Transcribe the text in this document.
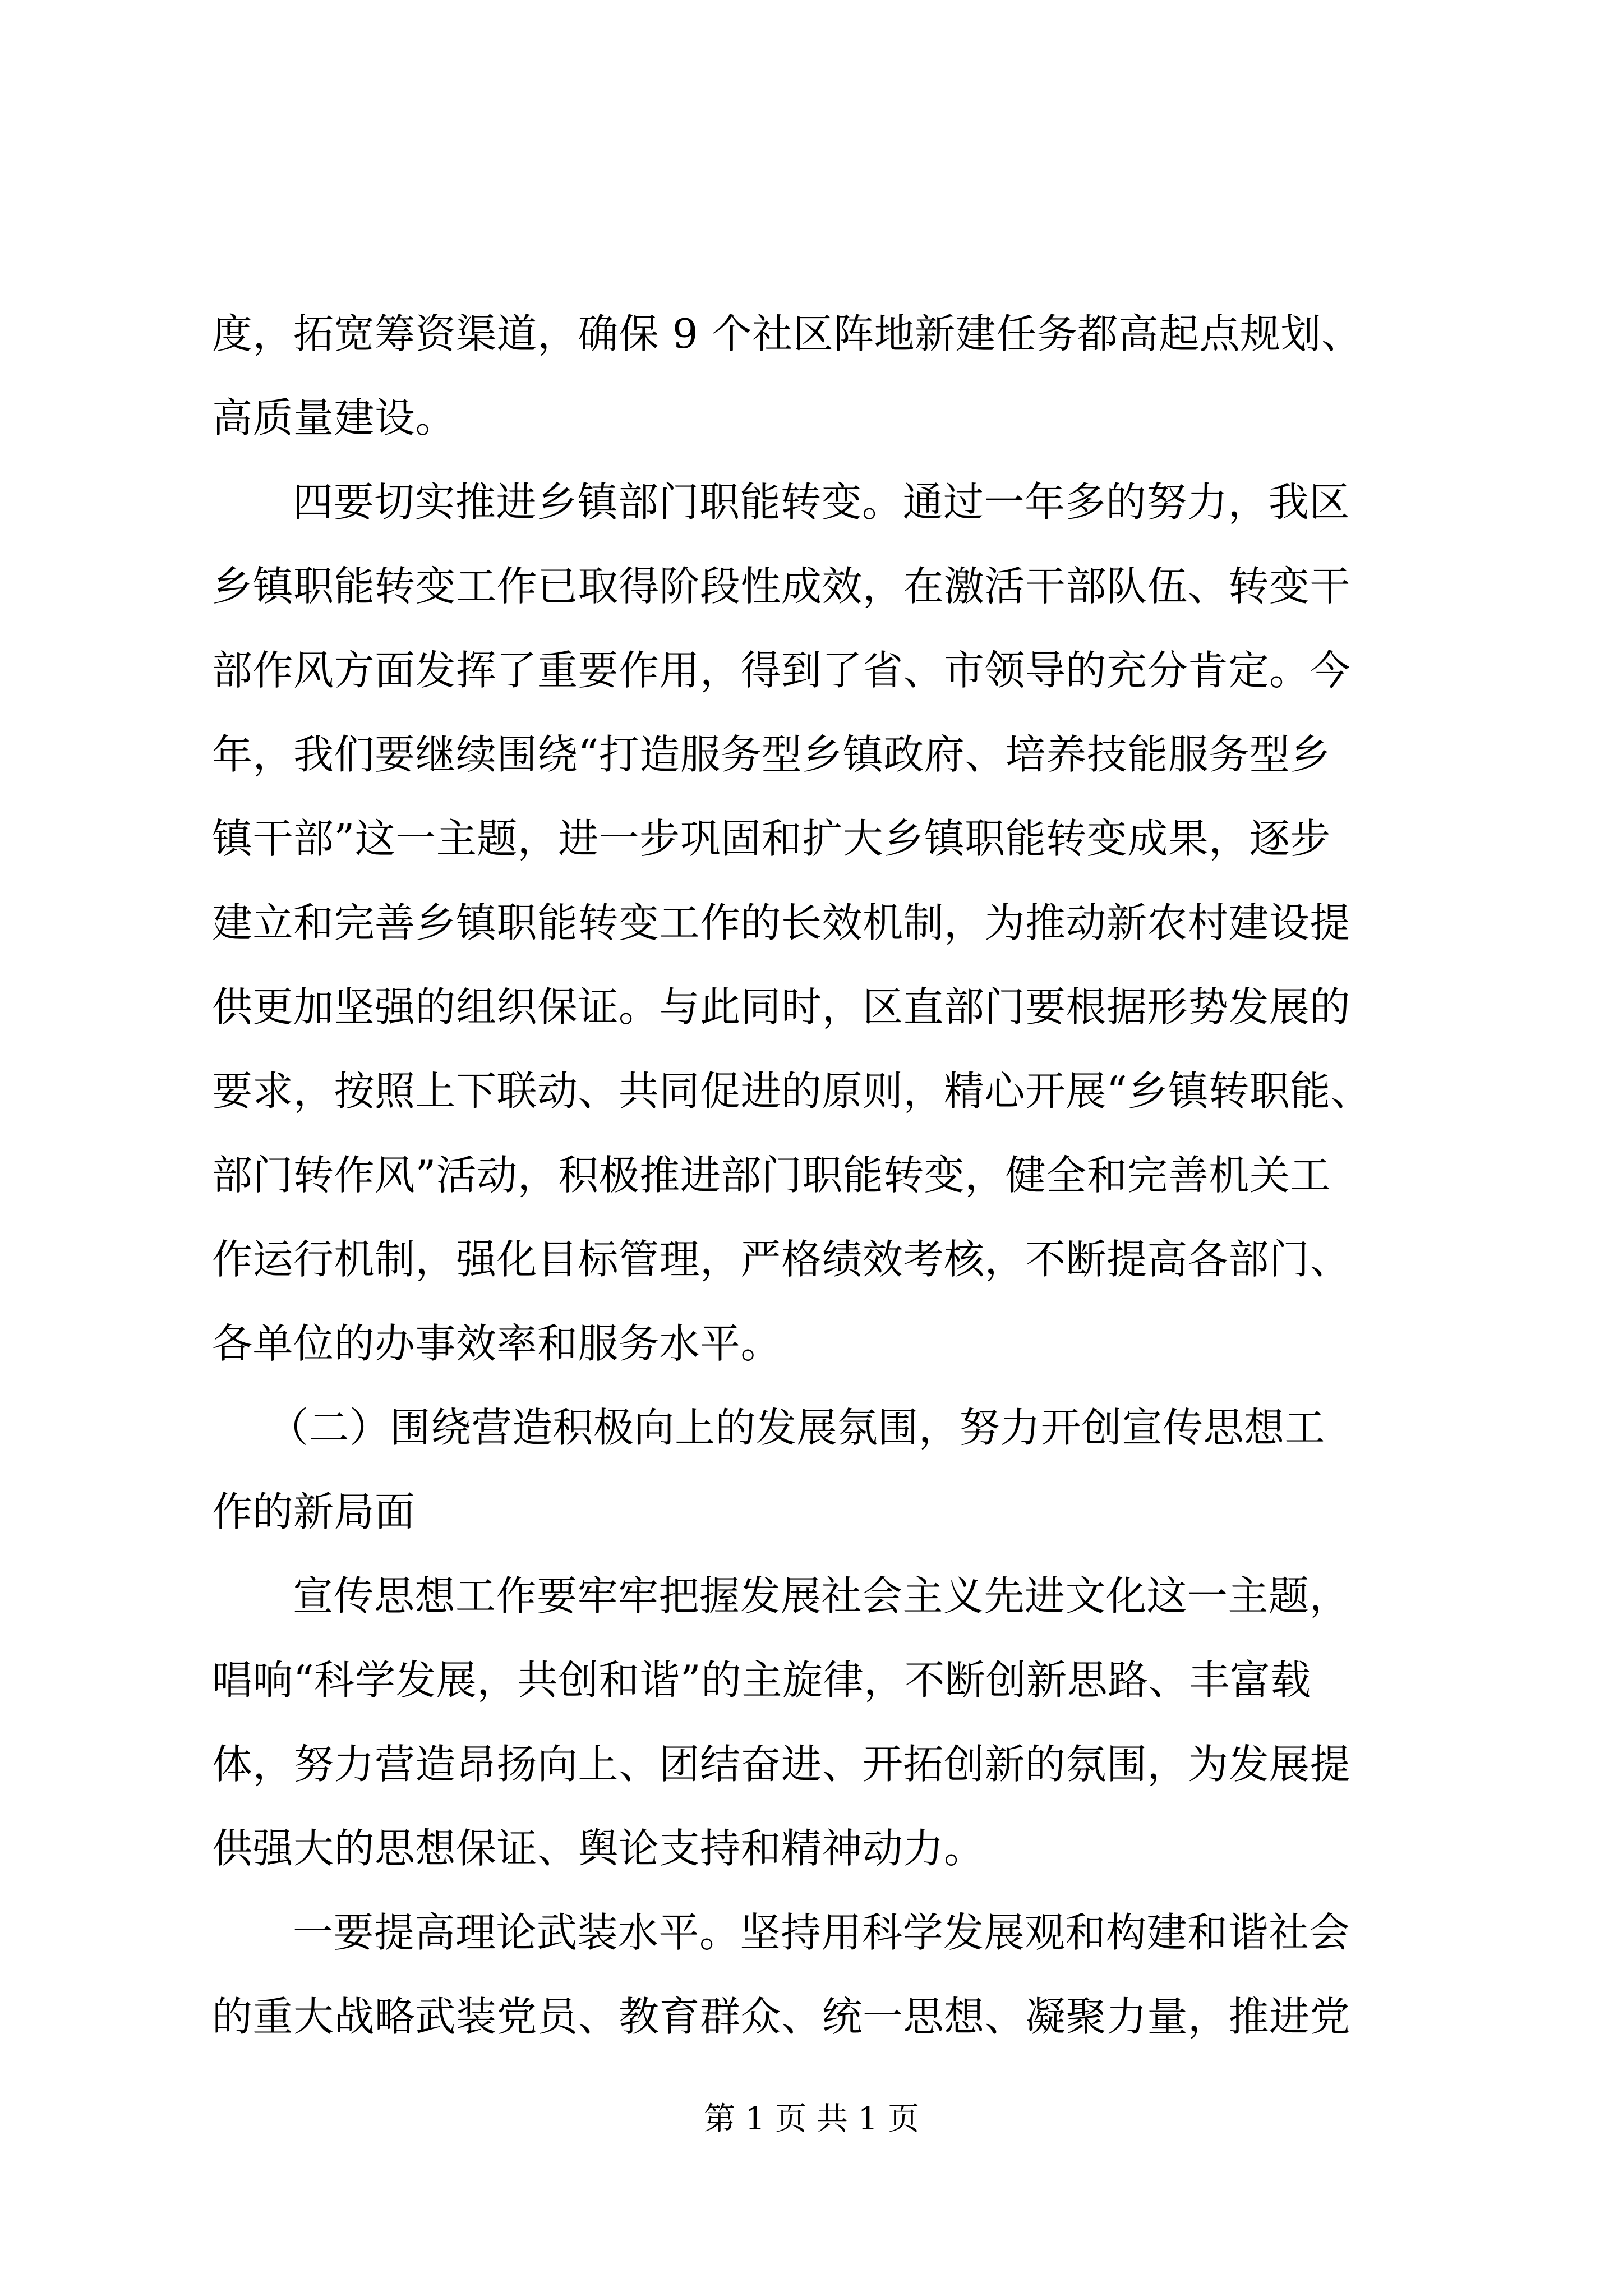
度，拓宽筹资渠道，确保 9 个社区阵地新建任务都高起点规划、
高质量建设。
四要切实推进乡镇部门职能转变。通过一年多的努力，我区
乡镇职能转变工作已取得阶段性成效，在激活干部队伍、转变干
部作风方面发挥了重要作用，得到了省、市领导的充分肯定。今
年，我们要继续围绕“打造服务型乡镇政府、培养技能服务型乡
镇干部”这一主题，进一步巩固和扩大乡镇职能转变成果，逐步
建立和完善乡镇职能转变工作的长效机制，为推动新农村建设提
供更加坚强的组织保证。与此同时，区直部门要根据形势发展的
要求，按照上下联动、共同促进的原则，精心开展“乡镇转职能、
部门转作风”活动，积极推进部门职能转变，健全和完善机关工
作运行机制，强化目标管理，严格绩效考核，不断提高各部门、
各单位的办事效率和服务水平。
（二）围绕营造积极向上的发展氛围，努力开创宣传思想工
作的新局面
宣传思想工作要牢牢把握发展社会主义先进文化这一主题，
唱响“科学发展，共创和谐”的主旋律，不断创新思路、丰富载
体，努力营造昂扬向上、团结奋进、开拓创新的氛围，为发展提
供强大的思想保证、舆论支持和精神动力。
一要提高理论武装水平。坚持用科学发展观和构建和谐社会
的重大战略武装党员、教育群众、统一思想、凝聚力量，推进党
第 1 页 共 1 页
